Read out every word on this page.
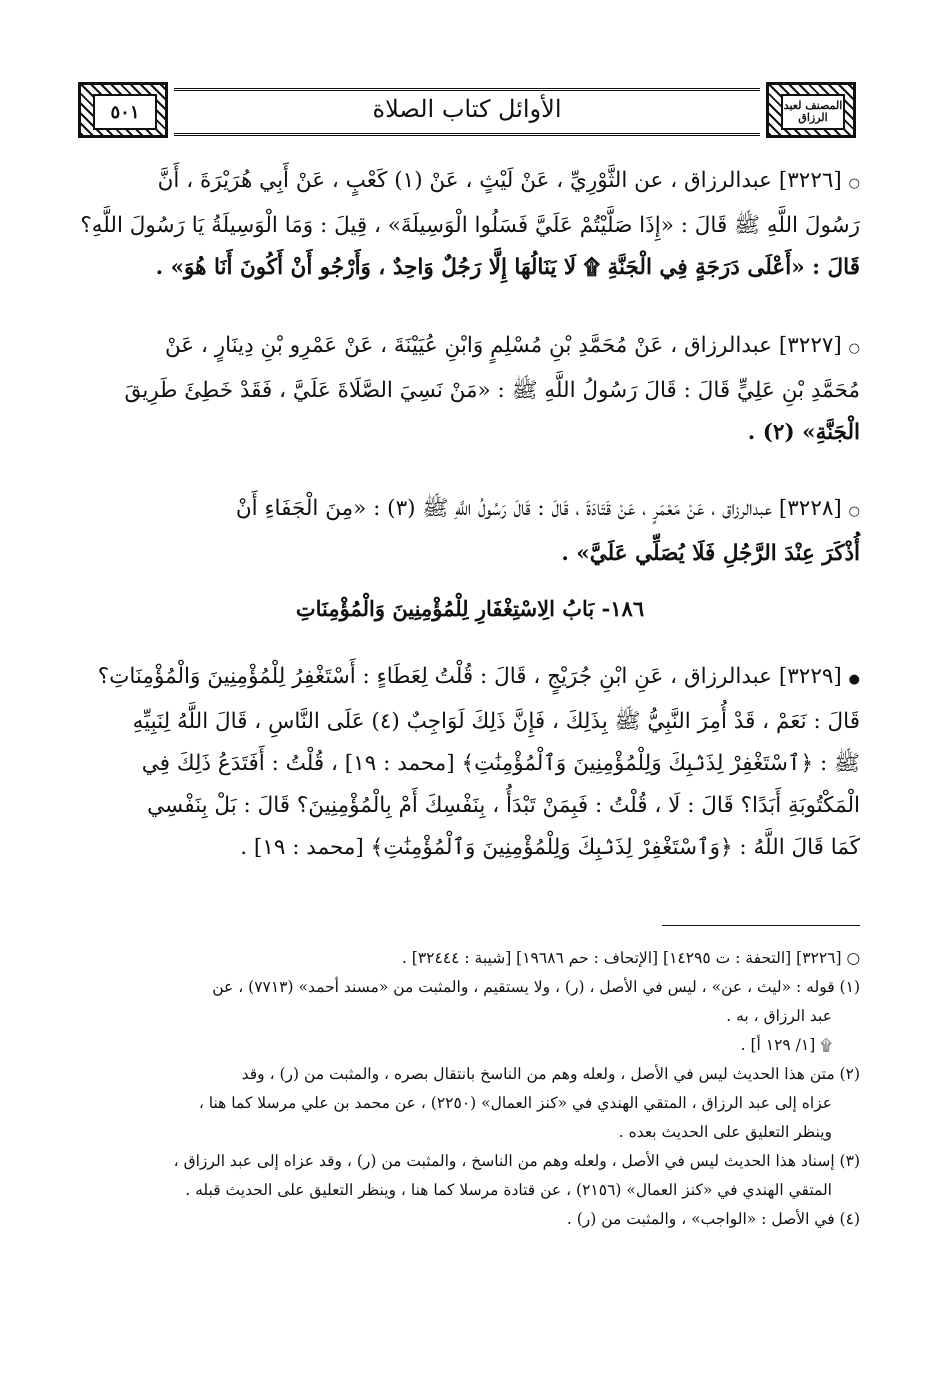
٥٠١	الأوائل كتاب الصلاة	المصنف لعبد الرزاق
○ [٣٢٢٦] عبدالرزاق ، عن الثَّوْرِيِّ ، عَنْ لَيْثٍ ، عَنْ (١) كَعْبٍ ، عَنْ أَبِي هُرَيْرَةَ ، أَنَّ
رَسُولَ اللَّهِ ﷺ قَالَ : «إِذَا صَلَّيْتُمْ عَلَيَّ فَسَلُوا الْوَسِيلَةَ» ، قِيلَ : وَمَا الْوَسِيلَةُ يَا رَسُولَ اللَّهِ؟
قَالَ : «أَعْلَى دَرَجَةٍ فِي الْجَنَّةِ ۩ لَا يَنَالُهَا إِلَّا رَجُلٌ وَاحِدٌ ، وَأَرْجُو أَنْ أَكُونَ أَنَا هُوَ» .
○ [٣٢٢٧] عبدالرزاق ، عَنْ مُحَمَّدِ بْنِ مُسْلِمٍ وَابْنِ عُيَيْنَةَ ، عَنْ عَمْرِو بْنِ دِينَارٍ ، عَنْ
مُحَمَّدِ بْنِ عَلِيٍّ قَالَ : قَالَ رَسُولُ اللَّهِ ﷺ : «مَنْ نَسِيَ الصَّلَاةَ عَلَيَّ ، فَقَدْ خَطِئَ طَرِيقَ
الْجَنَّةِ» (٢) .
○ [٣٢٢٨] عبدالرزاق ، عَنْ مَعْمَرٍ ، عَنْ قَتَادَةَ ، قَالَ : قَالَ رَسُولُ اللَّهِ ﷺ (٣) : «مِنَ الْجَفَاءِ أَنْ
أُذْكَرَ عِنْدَ الرَّجُلِ فَلَا يُصَلِّي عَلَيَّ» .
١٨٦- بَابُ الِاسْتِغْفَارِ لِلْمُؤْمِنِينَ وَالْمُؤْمِنَاتِ
● [٣٢٢٩] عبدالرزاق ، عَنِ ابْنِ جُرَيْجٍ ، قَالَ : قُلْتُ لِعَطَاءٍ : أَسْتَغْفِرُ لِلْمُؤْمِنِينَ وَالْمُؤْمِنَاتِ؟
قَالَ : نَعَمْ ، قَدْ أُمِرَ النَّبِيُّ ﷺ بِذَلِكَ ، فَإِنَّ ذَلِكَ لَوَاجِبٌ (٤) عَلَى النَّاسِ ، قَالَ اللَّهُ لِنَبِيِّهِ
ﷺ : ﴿ٱسْتَغْفِرْ لِذَنۢبِكَ وَلِلْمُؤْمِنِينَ وَٱلْمُؤْمِنَٰتِ﴾ [محمد : ١٩] ، قُلْتُ : أَفَتَدَعُ ذَلِكَ فِي
الْمَكْتُوبَةِ أَبَدًا؟ قَالَ : لَا ، قُلْتُ : فَبِمَنْ تَبْدَأُ ، بِنَفْسِكَ أَمْ بِالْمُؤْمِنِينَ؟ قَالَ : بَلْ بِنَفْسِي
كَمَا قَالَ اللَّهُ : ﴿وَٱسْتَغْفِرْ لِذَنۢبِكَ وَلِلْمُؤْمِنِينَ وَٱلْمُؤْمِنَٰتِ﴾ [محمد : ١٩] .
○ [٣٢٢٦] [التحفة : ت ١٤٢٩٥] [الإتحاف : حم ١٩٦٨٦] [شيبة : ٣٢٤٤٤] .
(١) قوله : «ليث ، عن» ، ليس في الأصل ، (ر) ، ولا يستقيم ، والمثبت من «مسند أحمد» (٧٧١٣) ، عن
عبد الرزاق ، به .
۩ [١/ ١٢٩ أ] .
(٢) متن هذا الحديث ليس في الأصل ، ولعله وهم من الناسخ بانتقال بصره ، والمثبت من (ر) ، وقد
عزاه إلى عبد الرزاق ، المتقي الهندي في «كنز العمال» (٢٢٥٠) ، عن محمد بن علي مرسلا كما هنا ،
وينظر التعليق على الحديث بعده .
(٣) إسناد هذا الحديث ليس في الأصل ، ولعله وهم من الناسخ ، والمثبت من (ر) ، وقد عزاه إلى عبد الرزاق ،
المتقي الهندي في «كنز العمال» (٢١٥٦) ، عن قتادة مرسلا كما هنا ، وينظر التعليق على الحديث قبله .
(٤) في الأصل : «الواجب» ، والمثبت من (ر) .
